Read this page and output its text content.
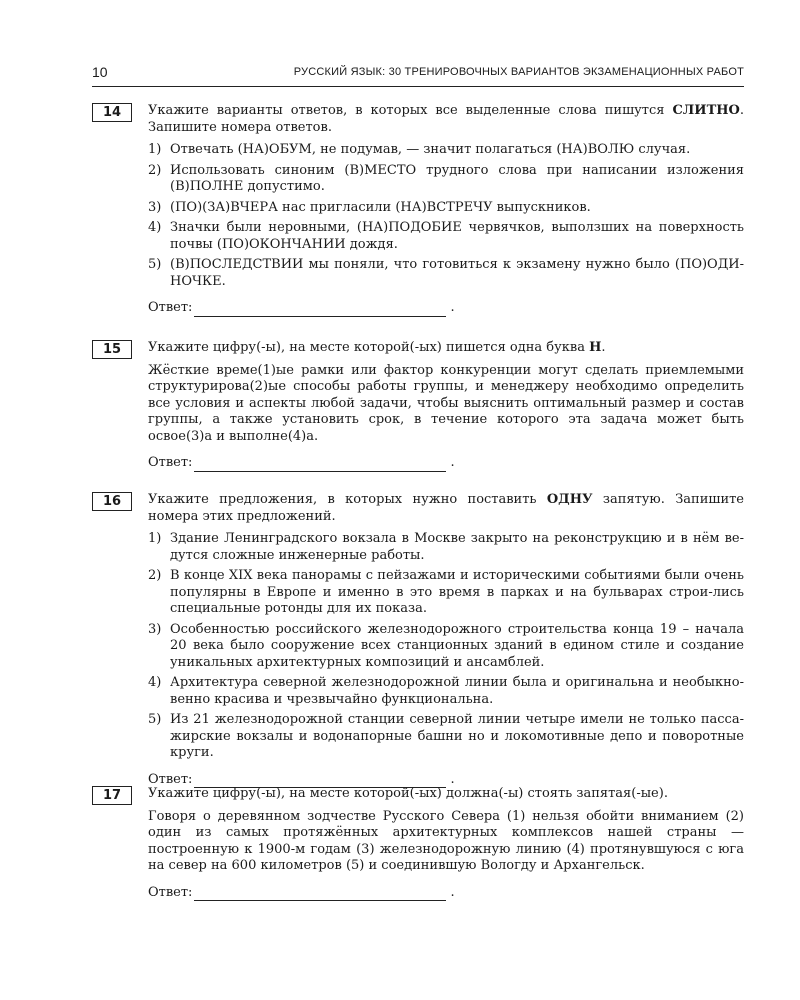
10	РУССКИЙ ЯЗЫК: 30 ТРЕНИРОВОЧНЫХ ВАРИАНТОВ ЭКЗАМЕНАЦИОННЫХ РАБОТ
14	Укажите варианты ответов, в которых все выделенные слова пишутся СЛИТНО. Запишите номера ответов.

1) Отвечать (НА)ОБУМ, не подумав, — значит полагаться (НА)ВОЛЮ случая.
2) Использовать синоним (В)МЕСТО трудного слова при написании изложения (В)ПОЛНЕ допустимо.
3) (ПО)(ЗА)ВЧЕРА нас пригласили (НА)ВСТРЕЧУ выпускников.
4) Значки были неровными, (НА)ПОДОБИЕ червячков, выползших на поверхность почвы (ПО)ОКОНЧАНИИ дождя.
5) (В)ПОСЛЕДСТВИИ мы поняли, что готовиться к экзамену нужно было (ПО)ОДИ-НОЧКЕ.
Ответ:	.
15	Укажите цифру(-ы), на месте которой(-ых) пишется одна буква Н.

Жёсткие време(1)ые рамки или фактор конкуренции могут сделать приемлемыми структурирова(2)ые способы работы группы, и менеджеру необходимо определить все условия и аспекты любой задачи, чтобы выяснить оптимальный размер и состав группы, а также установить срок, в течение которого эта задача может быть освое(3)а и выполне(4)а.

Ответ:	.
16	Укажите предложения, в которых нужно поставить ОДНУ запятую. Запишите номера этих предложений.

1) Здание Ленинградского вокзала в Москве закрыто на реконструкцию и в нём ве-дутся сложные инженерные работы.
2) В конце XIX века панорамы с пейзажами и историческими событиями были очень популярны в Европе и именно в это время в парках и на бульварах строи-лись специальные ротонды для их показа.
3) Особенностью российского железнодорожного строительства конца 19 – начала 20 века было сооружение всех станционных зданий в едином стиле и создание уникальных архитектурных композиций и ансамблей.
4) Архитектура северной железнодорожной линии была и оригинальна и необыкно-венно красива и чрезвычайно функциональна.
5) Из 21 железнодорожной станции северной линии четыре имели не только пасса-жирские вокзалы и водонапорные башни но и локомотивные депо и поворотные круги.
Ответ:	.
17	Укажите цифру(-ы), на месте которой(-ых) должна(-ы) стоять запятая(-ые).

Говоря о деревянном зодчестве Русского Севера (1) нельзя обойти вниманием (2) один из самых протяжённых архитектурных комплексов нашей страны — построенную к 1900-м годам (3) железнодорожную линию (4) протянувшуюся с юга на север на 600 километров (5) и соединившую Вологду и Архангельск.

Ответ:	.
